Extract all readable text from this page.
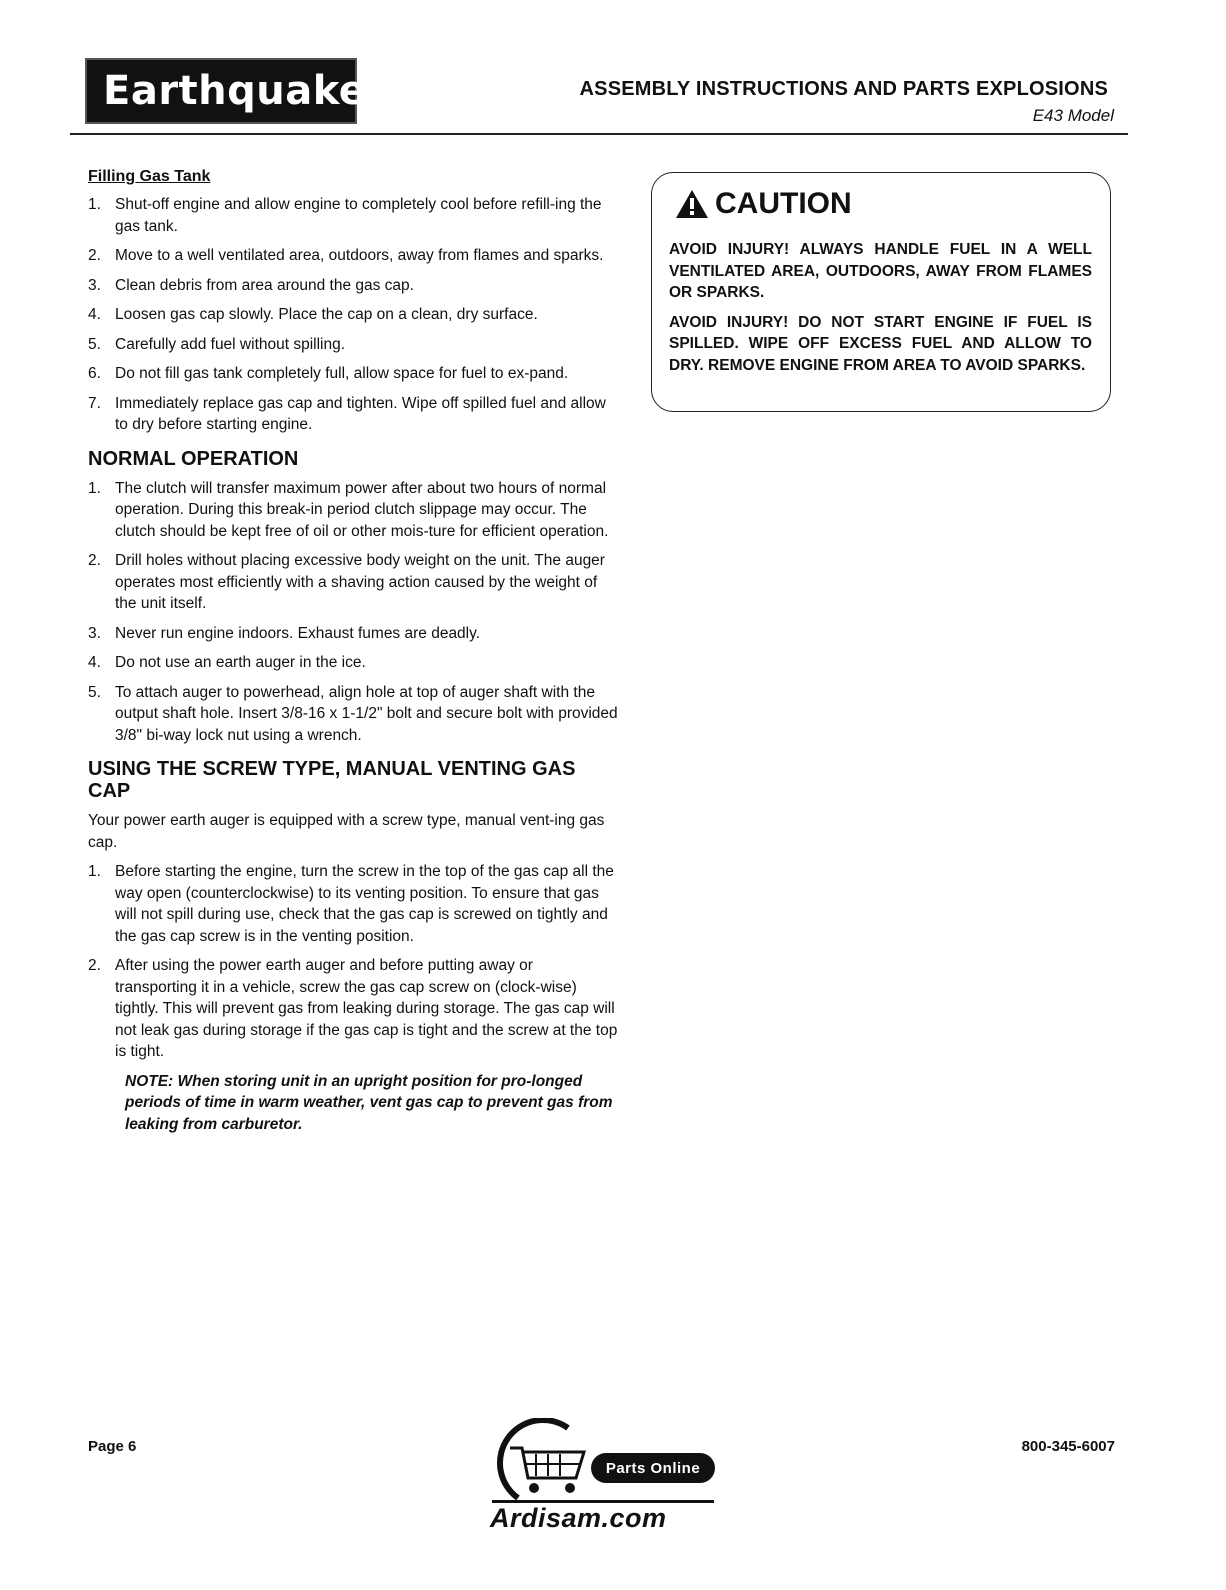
Earthquake	ASSEMBLY INSTRUCTIONS AND PARTS EXPLOSIONS
E43 Model
Filling Gas Tank
1. Shut-off engine and allow engine to completely cool before refill-ing the gas tank.
2. Move to a well ventilated area, outdoors, away from flames and sparks.
3. Clean debris from area around the gas cap.
4. Loosen gas cap slowly. Place the cap on a clean, dry surface.
5. Carefully add fuel without spilling.
6. Do not fill gas tank completely full, allow space for fuel to ex-pand.
7. Immediately replace gas cap and tighten. Wipe off spilled fuel and allow to dry before starting engine.
NORMAL OPERATION
1. The clutch will transfer maximum power after about two hours of normal operation. During this break-in period clutch slippage may occur. The clutch should be kept free of oil or other mois-ture for efficient operation.
2. Drill holes without placing excessive body weight on the unit. The auger operates most efficiently with a shaving action caused by the weight of the unit itself.
3. Never run engine indoors. Exhaust fumes are deadly.
4. Do not use an earth auger in the ice.
5. To attach auger to powerhead, align hole at top of auger shaft with the output shaft hole. Insert 3/8-16 x 1-1/2" bolt and secure bolt with provided 3/8" bi-way lock nut using a wrench.
USING THE SCREW TYPE, MANUAL VENTING GAS CAP

Your power earth auger is equipped with a screw type, manual vent-ing gas cap.

1. Before starting the engine, turn the screw in the top of the gas cap all the way open (counterclockwise) to its venting position. To ensure that gas will not spill during use, check that the gas cap is screwed on tightly and the gas cap screw is in the venting position.
2. After using the power earth auger and before putting away or transporting it in a vehicle, screw the gas cap screw on (clock-wise) tightly. This will prevent gas from leaking during storage. The gas cap will not leak gas during storage if the gas cap is tight and the screw at the top is tight.

NOTE: When storing unit in an upright position for pro-longed periods of time in warm weather, vent gas cap to prevent gas from leaking from carburetor.

CAUTION

AVOID INJURY! ALWAYS HANDLE FUEL IN A WELL VENTILATED AREA, OUTDOORS, AWAY FROM FLAMES OR SPARKS.

AVOID INJURY! DO NOT START ENGINE IF FUEL IS SPILLED. WIPE OFF EXCESS FUEL AND ALLOW TO DRY. REMOVE ENGINE FROM AREA TO AVOID SPARKS.

Page 6
Parts Online
Ardisam.com
800-345-6007
